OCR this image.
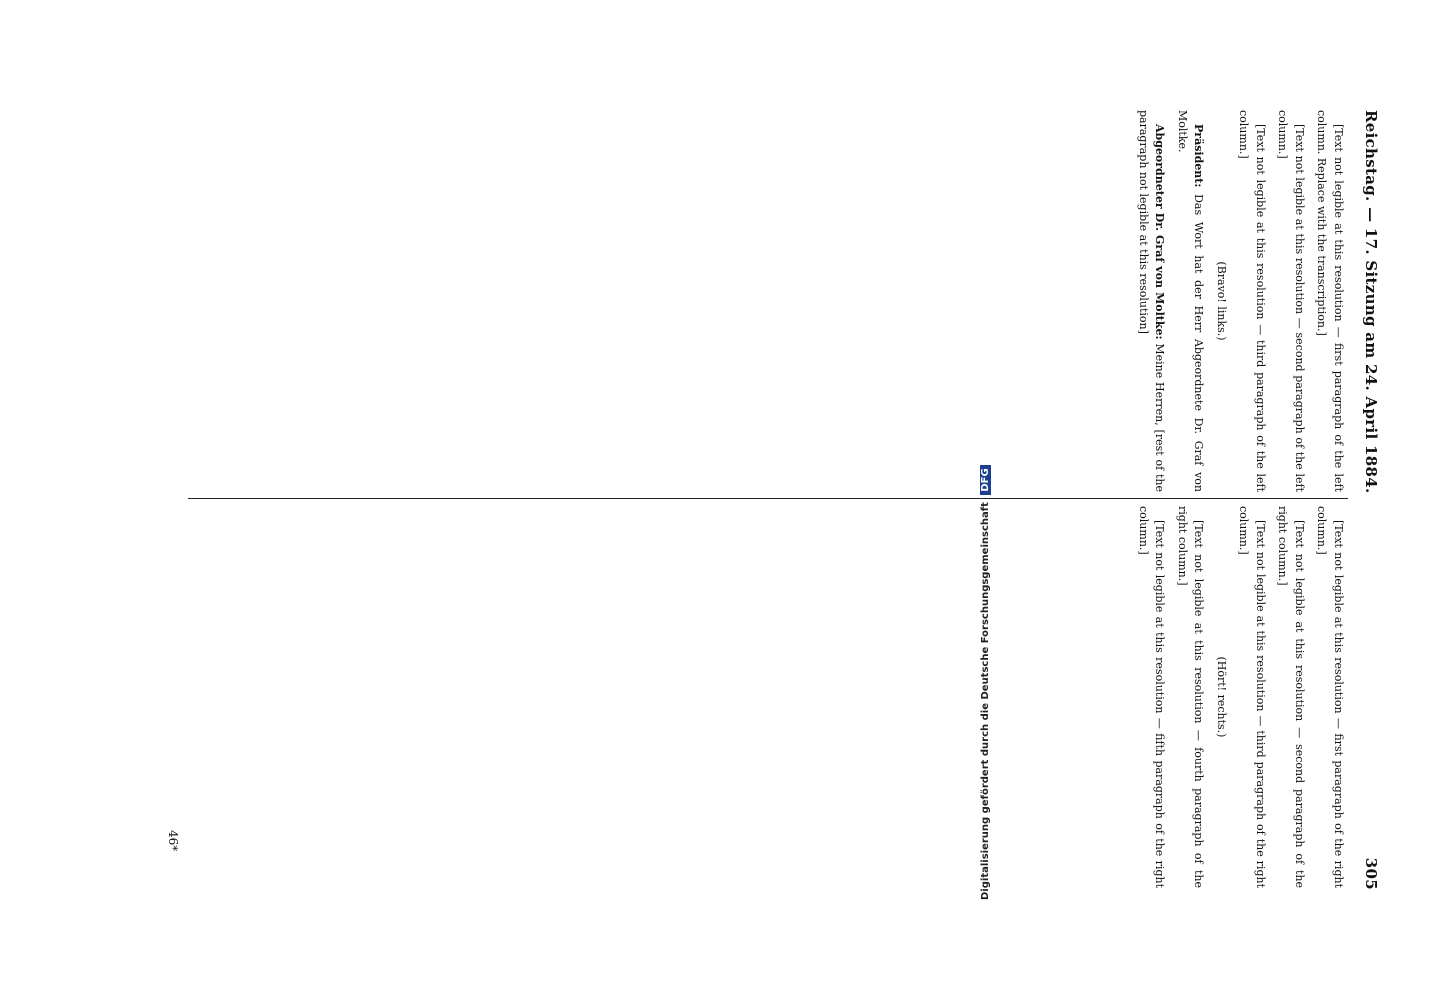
Reichstag. — 17. Sitzung am 24. April 1884.
305

[Text not legible at this resolution — first paragraph of the left column. Replace with the transcription.]

[Text not legible at this resolution — second paragraph of the left column.]

[Text not legible at this resolution — third paragraph of the left column.]

(Bravo! links.)

Präsident: Das Wort hat der Herr Abgeordnete Dr. Graf von Moltke.

Abgeordneter Dr. Graf von Moltke: Meine Herren, [rest of the paragraph not legible at this resolution]

[Text not legible at this resolution — first paragraph of the right column.]

[Text not legible at this resolution — second paragraph of the right column.]

[Text not legible at this resolution — third paragraph of the right column.]

(Hört! rechts.)

[Text not legible at this resolution — fourth paragraph of the right column.]

[Text not legible at this resolution — fifth paragraph of the right column.]

46*	Digitalisierung gefördert durch die Deutsche Forschungsgemeinschaft DFG
